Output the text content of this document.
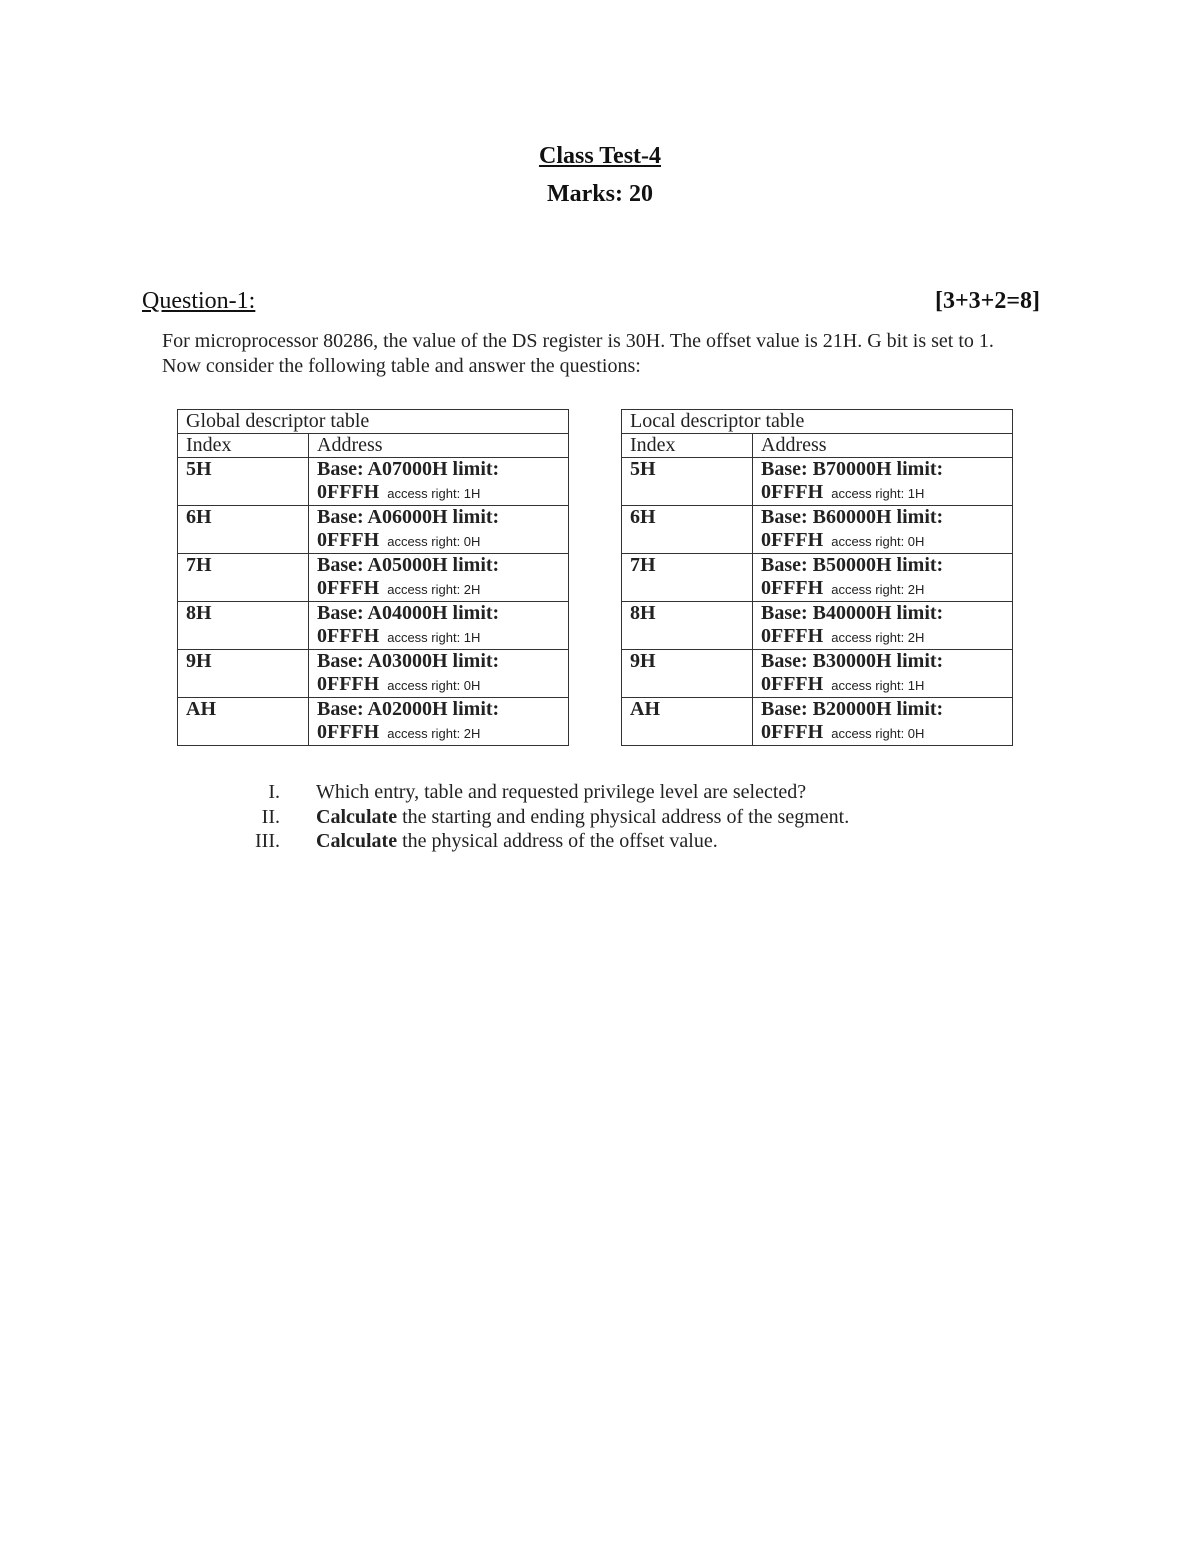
Class Test-4
Marks: 20
Question-1:	[3+3+2=8]
For microprocessor 80286, the value of the DS register is 30H. The offset value is 21H. G bit is set to 1.
Now consider the following table and answer the questions:
Global descriptor table	
Index	Address
5H	Base: A07000H limit:
0FFFH access right: 1H

6H	Base: A06000H limit:
0FFFH access right: 0H

7H	Base: A05000H limit:
0FFFH access right: 2H

8H	Base: A04000H limit:
0FFFH access right: 1H

9H	Base: A03000H limit:
0FFFH access right: 0H

AH	Base: A02000H limit:
0FFFH access right: 2H
Local descriptor table	
Index	Address
5H	Base: B70000H limit:
0FFFH access right: 1H

6H	Base: B60000H limit:
0FFFH access right: 0H

7H	Base: B50000H limit:
0FFFH access right: 2H

8H	Base: B40000H limit:
0FFFH access right: 2H

9H	Base: B30000H limit:
0FFFH access right: 1H

AH	Base: B20000H limit:
0FFFH access right: 0H
I. Which entry, table and requested privilege level are selected?
II. Calculate the starting and ending physical address of the segment.
III. Calculate the physical address of the offset value.
